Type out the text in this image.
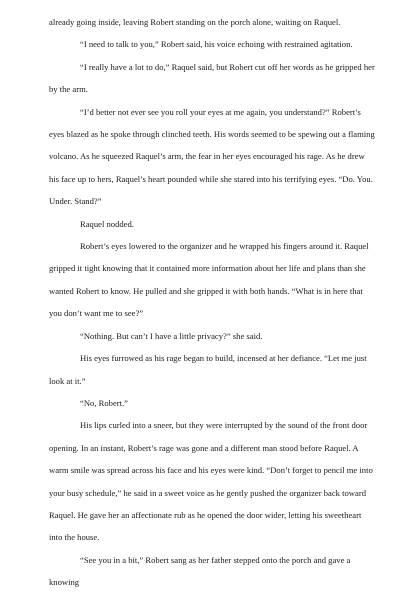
already going inside, leaving Robert standing on the porch alone, waiting on Raquel.

“I need to talk to you,” Robert said, his voice echoing with restrained agitation.

“I really have a lot to do,” Raquel said, but Robert cut off her words as he gripped her by the arm.

“I’d better not ever see you roll your eyes at me again, you understand?” Robert’s eyes blazed as he spoke through clinched teeth. His words seemed to be spewing out a flaming volcano. As he squeezed Raquel’s arm, the fear in her eyes encouraged his rage. As he drew his face up to hers, Raquel’s heart pounded while she stared into his terrifying eyes. “Do. You. Under. Stand?”

Raquel nodded.

Robert’s eyes lowered to the organizer and he wrapped his fingers around it. Raquel gripped it tight knowing that it contained more information about her life and plans than she wanted Robert to know. He pulled and she gripped it with both hands. “What is in here that you don’t want me to see?”

“Nothing. But can’t I have a little privacy?” she said.

His eyes furrowed as his rage began to build, incensed at her defiance. “Let me just look at it.”

“No, Robert.”

His lips curled into a sneer, but they were interrupted by the sound of the front door opening. In an instant, Robert’s rage was gone and a different man stood before Raquel. A warm smile was spread across his face and his eyes were kind. “Don’t forget to pencil me into your busy schedule,” he said in a sweet voice as he gently pushed the organizer back toward Raquel. He gave her an affectionate rub as he opened the door wider, letting his sweetheart into the house.

“See you in a bit,” Robert sang as her father stepped onto the porch and gave a knowing
